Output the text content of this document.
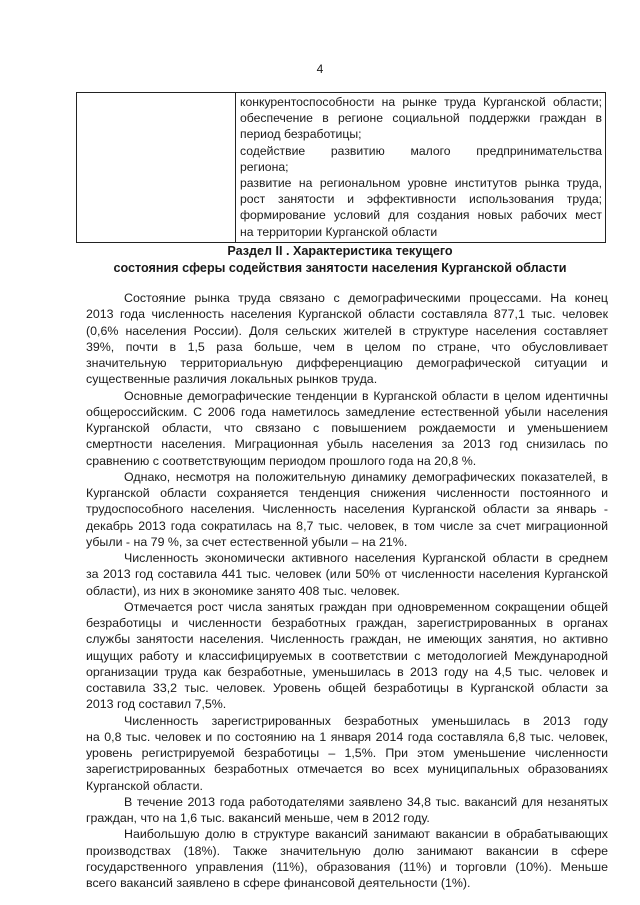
4

конкурентоспособности на рынке труда Курганской области;
обеспечение в регионе социальной поддержки граждан в
период безработицы;
содействие развитию малого предпринимательства
региона;
развитие на региональном уровне институтов рынка труда,
рост занятости и эффективности использования труда;
формирование условий для создания новых рабочих мест
на территории Курганской области
Раздел II . Характеристика текущего
состояния сферы содействия занятости населения Курганской области
Состояние рынка труда связано с демографическими процессами. На конец
2013 года численность населения Курганской области составляла 877,1 тыс. человек
(0,6% населения России). Доля сельских жителей в структуре населения составляет
39%, почти в 1,5 раза больше, чем в целом по стране, что обусловливает
значительную территориальную дифференциацию демографической ситуации и
существенные различия локальных рынков труда.
Основные демографические тенденции в Курганской области в целом идентичны
общероссийским. С 2006 года наметилось замедление естественной убыли населения
Курганской области, что связано с повышением рождаемости и уменьшением
смертности населения. Миграционная убыль населения за 2013 год снизилась по
сравнению с соответствующим периодом прошлого года на 20,8 %.
Однако, несмотря на положительную динамику демографических показателей, в
Курганской области сохраняется тенденция снижения численности постоянного и
трудоспособного населения. Численность населения Курганской области за январь -
декабрь 2013 года сократилась на 8,7 тыс. человек, в том числе за счет миграционной
убыли - на 79 %, за счет естественной убыли – на 21%.
Численность экономически активного населения Курганской области в среднем
за 2013 год составила 441 тыс. человек (или 50% от численности населения Курганской
области), из них в экономике занято 408 тыс. человек.
Отмечается рост числа занятых граждан при одновременном сокращении общей
безработицы и численности безработных граждан, зарегистрированных в органах
службы занятости населения. Численность граждан, не имеющих занятия, но активно
ищущих работу и классифицируемых в соответствии с методологией Международной
организации труда как безработные, уменьшилась в 2013 году на 4,5 тыс. человек и
составила 33,2 тыс. человек. Уровень общей безработицы в Курганской области за
2013 год составил 7,5%.
Численность зарегистрированных безработных уменьшилась в 2013 году
на 0,8 тыс. человек и по состоянию на 1 января 2014 года составляла 6,8 тыс. человек,
уровень регистрируемой безработицы – 1,5%. При этом уменьшение численности
зарегистрированных безработных отмечается во всех муниципальных образованиях
Курганской области.
В течение 2013 года работодателями заявлено 34,8 тыс. вакансий для незанятых
граждан, что на 1,6 тыс. вакансий меньше, чем в 2012 году.
Наибольшую долю в структуре вакансий занимают вакансии в обрабатывающих
производствах (18%). Также значительную долю занимают вакансии в сфере
государственного управления (11%), образования (11%) и торговли (10%). Меньше
всего вакансий заявлено в сфере финансовой деятельности (1%).
